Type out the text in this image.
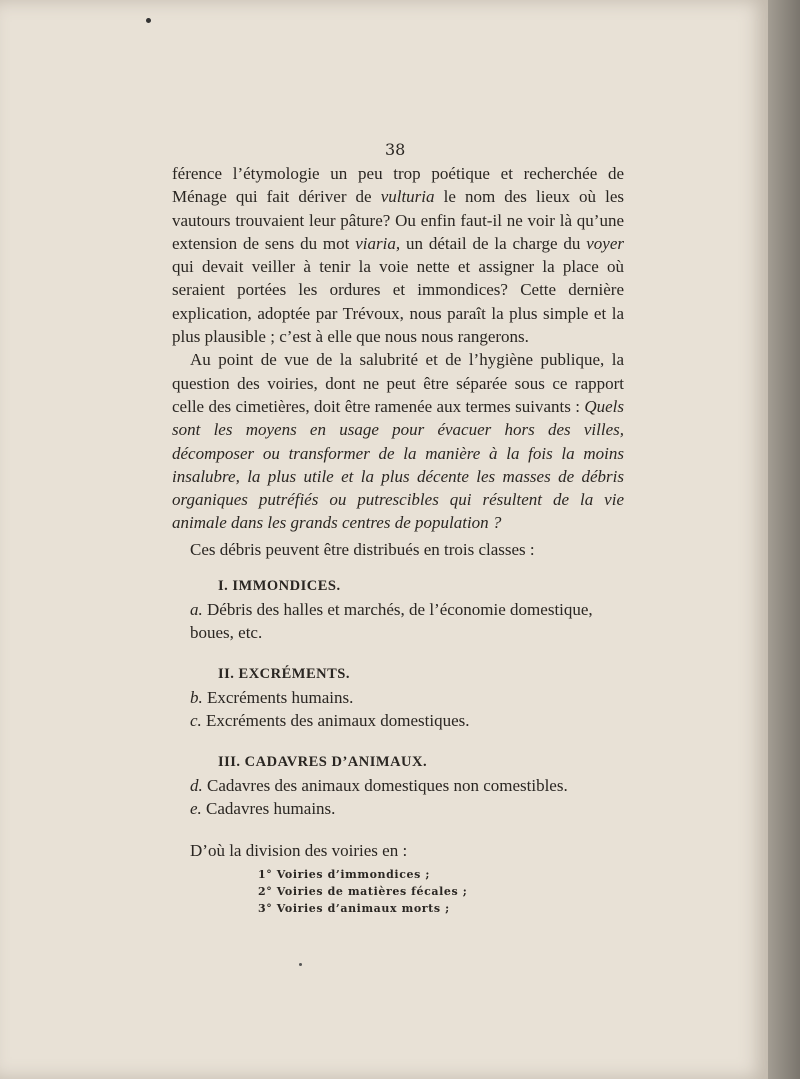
38

férence l’étymologie un peu trop poétique et recherchée de Ménage qui fait dériver de vulturia le nom des lieux où les vautours trouvaient leur pâture? Ou enfin faut-il ne voir là qu’une extension de sens du mot viaria, un détail de la charge du voyer qui devait veiller à tenir la voie nette et assigner la place où seraient portées les ordures et immondices? Cette dernière explication, adoptée par Trévoux, nous paraît la plus simple et la plus plausible ; c’est à elle que nous nous rangerons.

Au point de vue de la salubrité et de l’hygiène publique, la question des voiries, dont ne peut être séparée sous ce rapport celle des cimetières, doit être ramenée aux termes suivants : Quels sont les moyens en usage pour évacuer hors des villes, décomposer ou transformer de la manière à la fois la moins insalubre, la plus utile et la plus décente les masses de débris organiques putréfiés ou putrescibles qui résultent de la vie animale dans les grands centres de population ?

Ces débris peuvent être distribués en trois classes :

I. IMMONDICES.
a. Débris des halles et marchés, de l’économie domestique, boues, etc.
II. EXCRÉMENTS.
b. Excréments humains.
c. Excréments des animaux domestiques.
III. CADAVRES D’ANIMAUX.
d. Cadavres des animaux domestiques non comestibles.
e. Cadavres humains.
D’où la division des voiries en :
1° Voiries d’immondices ;
2° Voiries de matières fécales ;
3° Voiries d’animaux morts ;
